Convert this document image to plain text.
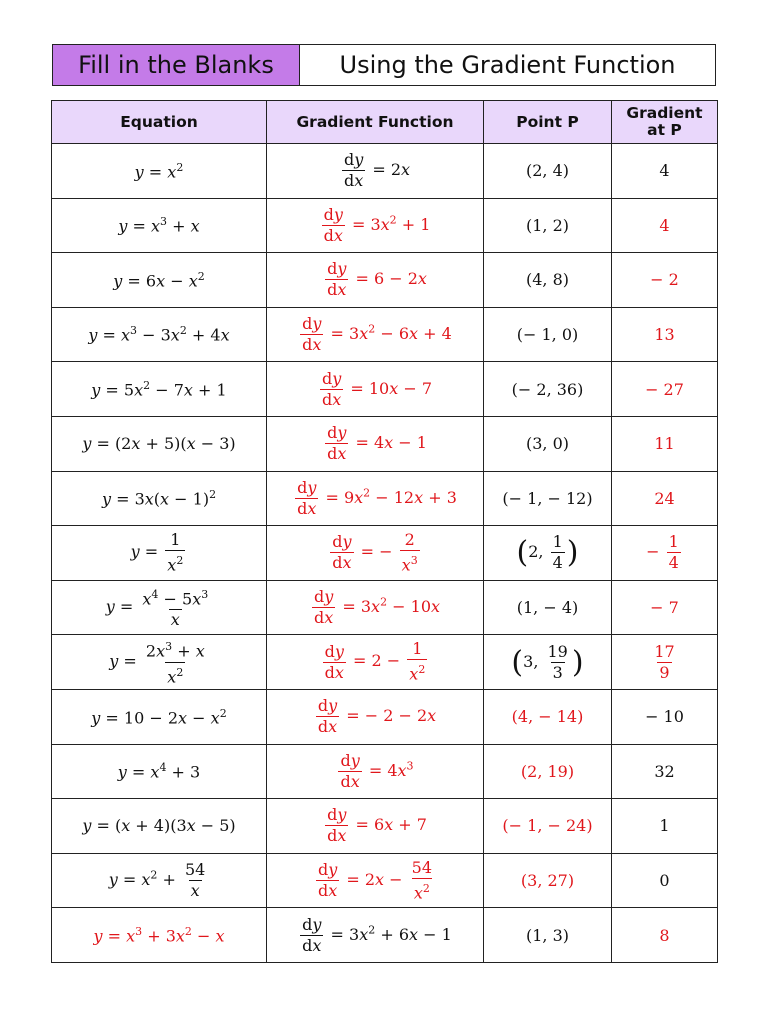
Fill in the Blanks	Using the Gradient Function
Equation	Gradient Function	Point P	Gradient at P
$y = x^2$	$\frac{dy}{dx} = 2x$	(2, 4)	4
$y = x^3 + x$	$\frac{dy}{dx} = 3x^2 + 1$	(1, 2)	4
$y = 6x - x^2$	$\frac{dy}{dx} = 6 - 2x$	(4, 8)	− 2
$y = x^3 - 3x^2 + 4x$	$\frac{dy}{dx} = 3x^2 - 6x + 4$	(− 1, 0)	13
$y = 5x^2 - 7x + 1$	$\frac{dy}{dx} = 10x - 7$	(− 2, 36)	− 27
y = (2x + 5)(x − 3)	$\frac{dy}{dx} = 4x - 1$	(3, 0)	11
$y = 3x(x - 1)^2$	$\frac{dy}{dx} = 9x^2 - 12x + 3$	(− 1, − 12)	24
$y = \frac{1}{x^2}$	$\frac{dy}{dx}$ = − $\frac{2}{x^3}$	(2, $\frac{1}{4}$ )	− $\frac{1}{4}$

$y = \frac{x^4 - 5x^3}{x}$	$\frac{dy}{dx} = 3x^2 - 10x$	(1, − 4)	− 7
$y = \frac{2x^3 + x}{x^2}$	$\frac{dy}{dx} = 2 - \frac{1}{x^2}$	(3, $\frac{19}{3}$ )	$\frac{17}{9}$

$y = 10 - 2x - x^2$	$\frac{dy}{dx}$ = − 2 − 2x	(4, − 14)	− 10
$y = x^4 + 3$	$\frac{dy}{dx} = 4x^3$	(2, 19)	32
y = (x + 4)(3x − 5)	$\frac{dy}{dx} = 6x + 7$	(− 1, − 24)	1
$y = x^2 + \frac{54}{x}$	$\frac{dy}{dx} = 2x - \frac{54}{x^2}$	(3, 27)	0
$y = x^3 + 3x^2 - x$	$\frac{dy}{dx} = 3x^2 + 6x - 1$	(1, 3)	8
